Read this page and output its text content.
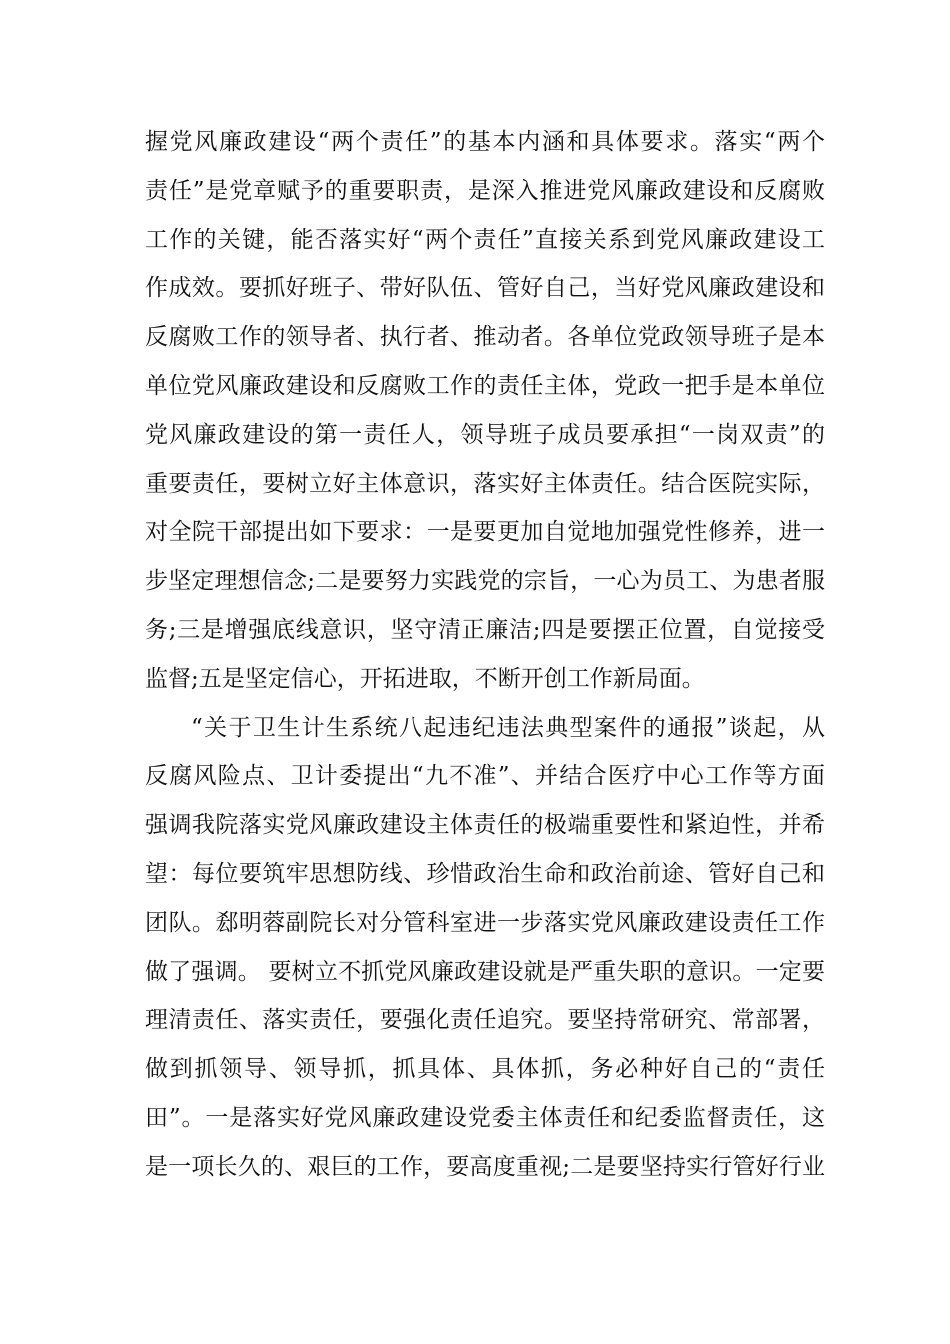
握党风廉政建设“两个责任”的基本内涵和具体要求。落实“两个
责任”是党章赋予的重要职责，是深入推进党风廉政建设和反腐败
工作的关键，能否落实好“两个责任”直接关系到党风廉政建设工
作成效。要抓好班子、带好队伍、管好自己，当好党风廉政建设和
反腐败工作的领导者、执行者、推动者。各单位党政领导班子是本
单位党风廉政建设和反腐败工作的责任主体，党政一把手是本单位
党风廉政建设的第一责任人，领导班子成员要承担“一岗双责”的
重要责任，要树立好主体意识，落实好主体责任。结合医院实际，
对全院干部提出如下要求：一是要更加自觉地加强党性修养，进一
步坚定理想信念;二是要努力实践党的宗旨，一心为员工、为患者服
务;三是增强底线意识，坚守清正廉洁;四是要摆正位置，自觉接受
监督;五是坚定信心，开拓进取，不断开创工作新局面。
“关于卫生计生系统八起违纪违法典型案件的通报”谈起，从
反腐风险点、卫计委提出“九不准”、并结合医疗中心工作等方面
强调我院落实党风廉政建设主体责任的极端重要性和紧迫性，并希
望：每位要筑牢思想防线、珍惜政治生命和政治前途、管好自己和
团队。郄明蓉副院长对分管科室进一步落实党风廉政建设责任工作
做了强调。 要树立不抓党风廉政建设就是严重失职的意识。一定要
理清责任、落实责任，要强化责任追究。要坚持常研究、常部署，
做到抓领导、领导抓，抓具体、具体抓，务必种好自己的“责任
田”。一是落实好党风廉政建设党委主体责任和纪委监督责任，这
是一项长久的、艰巨的工作，要高度重视;二是要坚持实行管好行业
